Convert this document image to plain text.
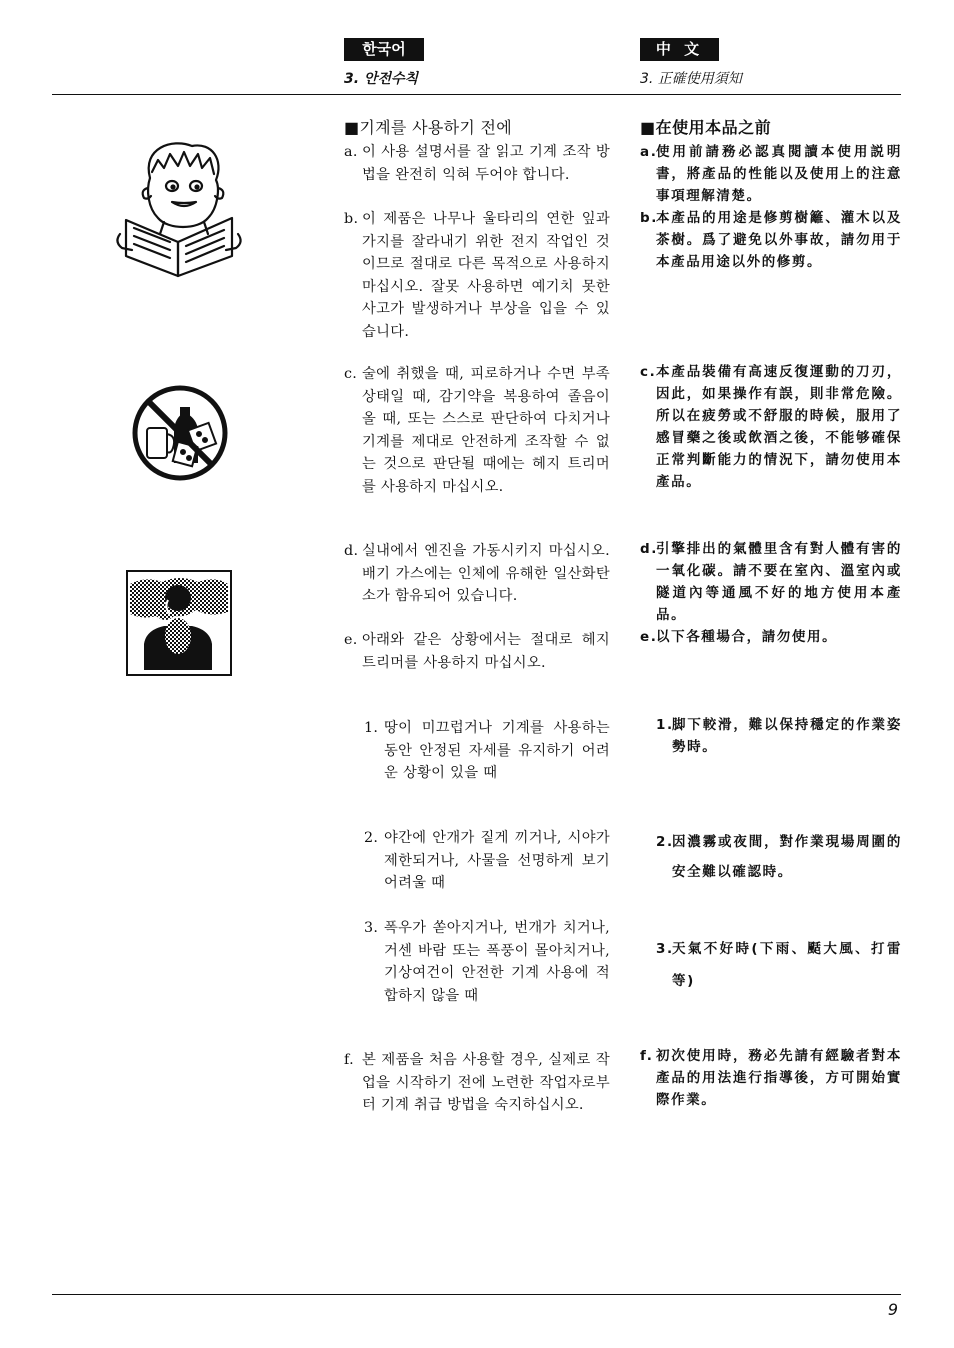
한국어
3. 안전수칙
中 文
3. 正確使用須知
■기계를 사용하기 전에
a. 이 사용 설명서를 잘 읽고 기계 조작 방법을 완전히 익혀 두어야 합니다.
b. 이 제품은 나무나 울타리의 연한 잎과 가지를 잘라내기 위한 전지 작업인 것이므로 절대로 다른 목적으로 사용하지 마십시오. 잘못 사용하면 예기치 못한 사고가 발생하거나 부상을 입을 수 있습니다.
c. 술에 취했을 때, 피로하거나 수면 부족 상태일 때, 감기약을 복용하여 졸음이 올 때, 또는 스스로 판단하여 다치거나 기계를 제대로 안전하게 조작할 수 없는 것으로 판단될 때에는 헤지 트리머를 사용하지 마십시오.
d. 실내에서 엔진을 가동시키지 마십시오. 배기 가스에는 인체에 유해한 일산화탄소가 함유되어 있습니다.
e. 아래와 같은 상황에서는 절대로 헤지 트리머를 사용하지 마십시오.
1. 땅이 미끄럽거나 기계를 사용하는 동안 안정된 자세를 유지하기 어려운 상황이 있을 때
2. 야간에 안개가 짙게 끼거나, 시야가 제한되거나, 사물을 선명하게 보기 어려울 때
3. 폭우가 쏟아지거나, 번개가 치거나, 거센 바람 또는 폭풍이 몰아치거나, 기상여건이 안전한 기계 사용에 적합하지 않을 때
f. 본 제품을 처음 사용할 경우, 실제로 작업을 시작하기 전에 노련한 작업자로부터 기계 취급 방법을 숙지하십시오.
■在使用本品之前
a.
使用前請務必認真閱讀本使用説明書，將產品的性能以及使用上的注意事項理解清楚。
b.
本產品的用途是修剪樹籬、灌木以及茶樹。爲了避免以外事故，請勿用于本產品用途以外的修剪。
c. 本產品裝備有高速反復運動的刀刃，因此，如果操作有誤，則非常危險。所以在疲勞或不舒服的時候，服用了感冒藥之後或飲酒之後，不能够確保正常判斷能力的情況下，請勿使用本產品。
d.
引擎排出的氣體里含有對人體有害的一氧化碳。請不要在室內、溫室內或隧道內等通風不好的地方使用本產品。
e.
以下各種場合，請勿使用。
1.
脚下較滑，難以保持穩定的作業姿勢時。
2.
因濃霧或夜間，對作業現場周圍的安全難以確認時。
3.
天氣不好時(下雨、颳大風、打雷等)
f. 初次使用時，務必先請有經驗者對本產品的用法進行指導後，方可開始實際作業。
9
